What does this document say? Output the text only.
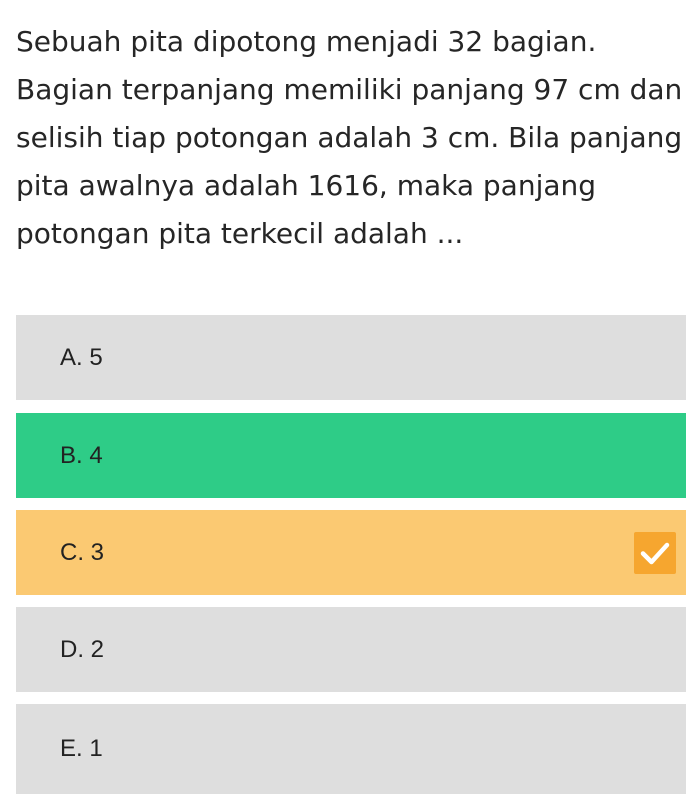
Sebuah pita dipotong menjadi 32 bagian. Bagian terpanjang memiliki panjang 97 cm dan selisih tiap potongan adalah 3 cm. Bila panjang pita awalnya adalah 1616, maka panjang potongan pita terkecil adalah ...

A. 5
B. 4
C. 3
D. 2
E. 1
